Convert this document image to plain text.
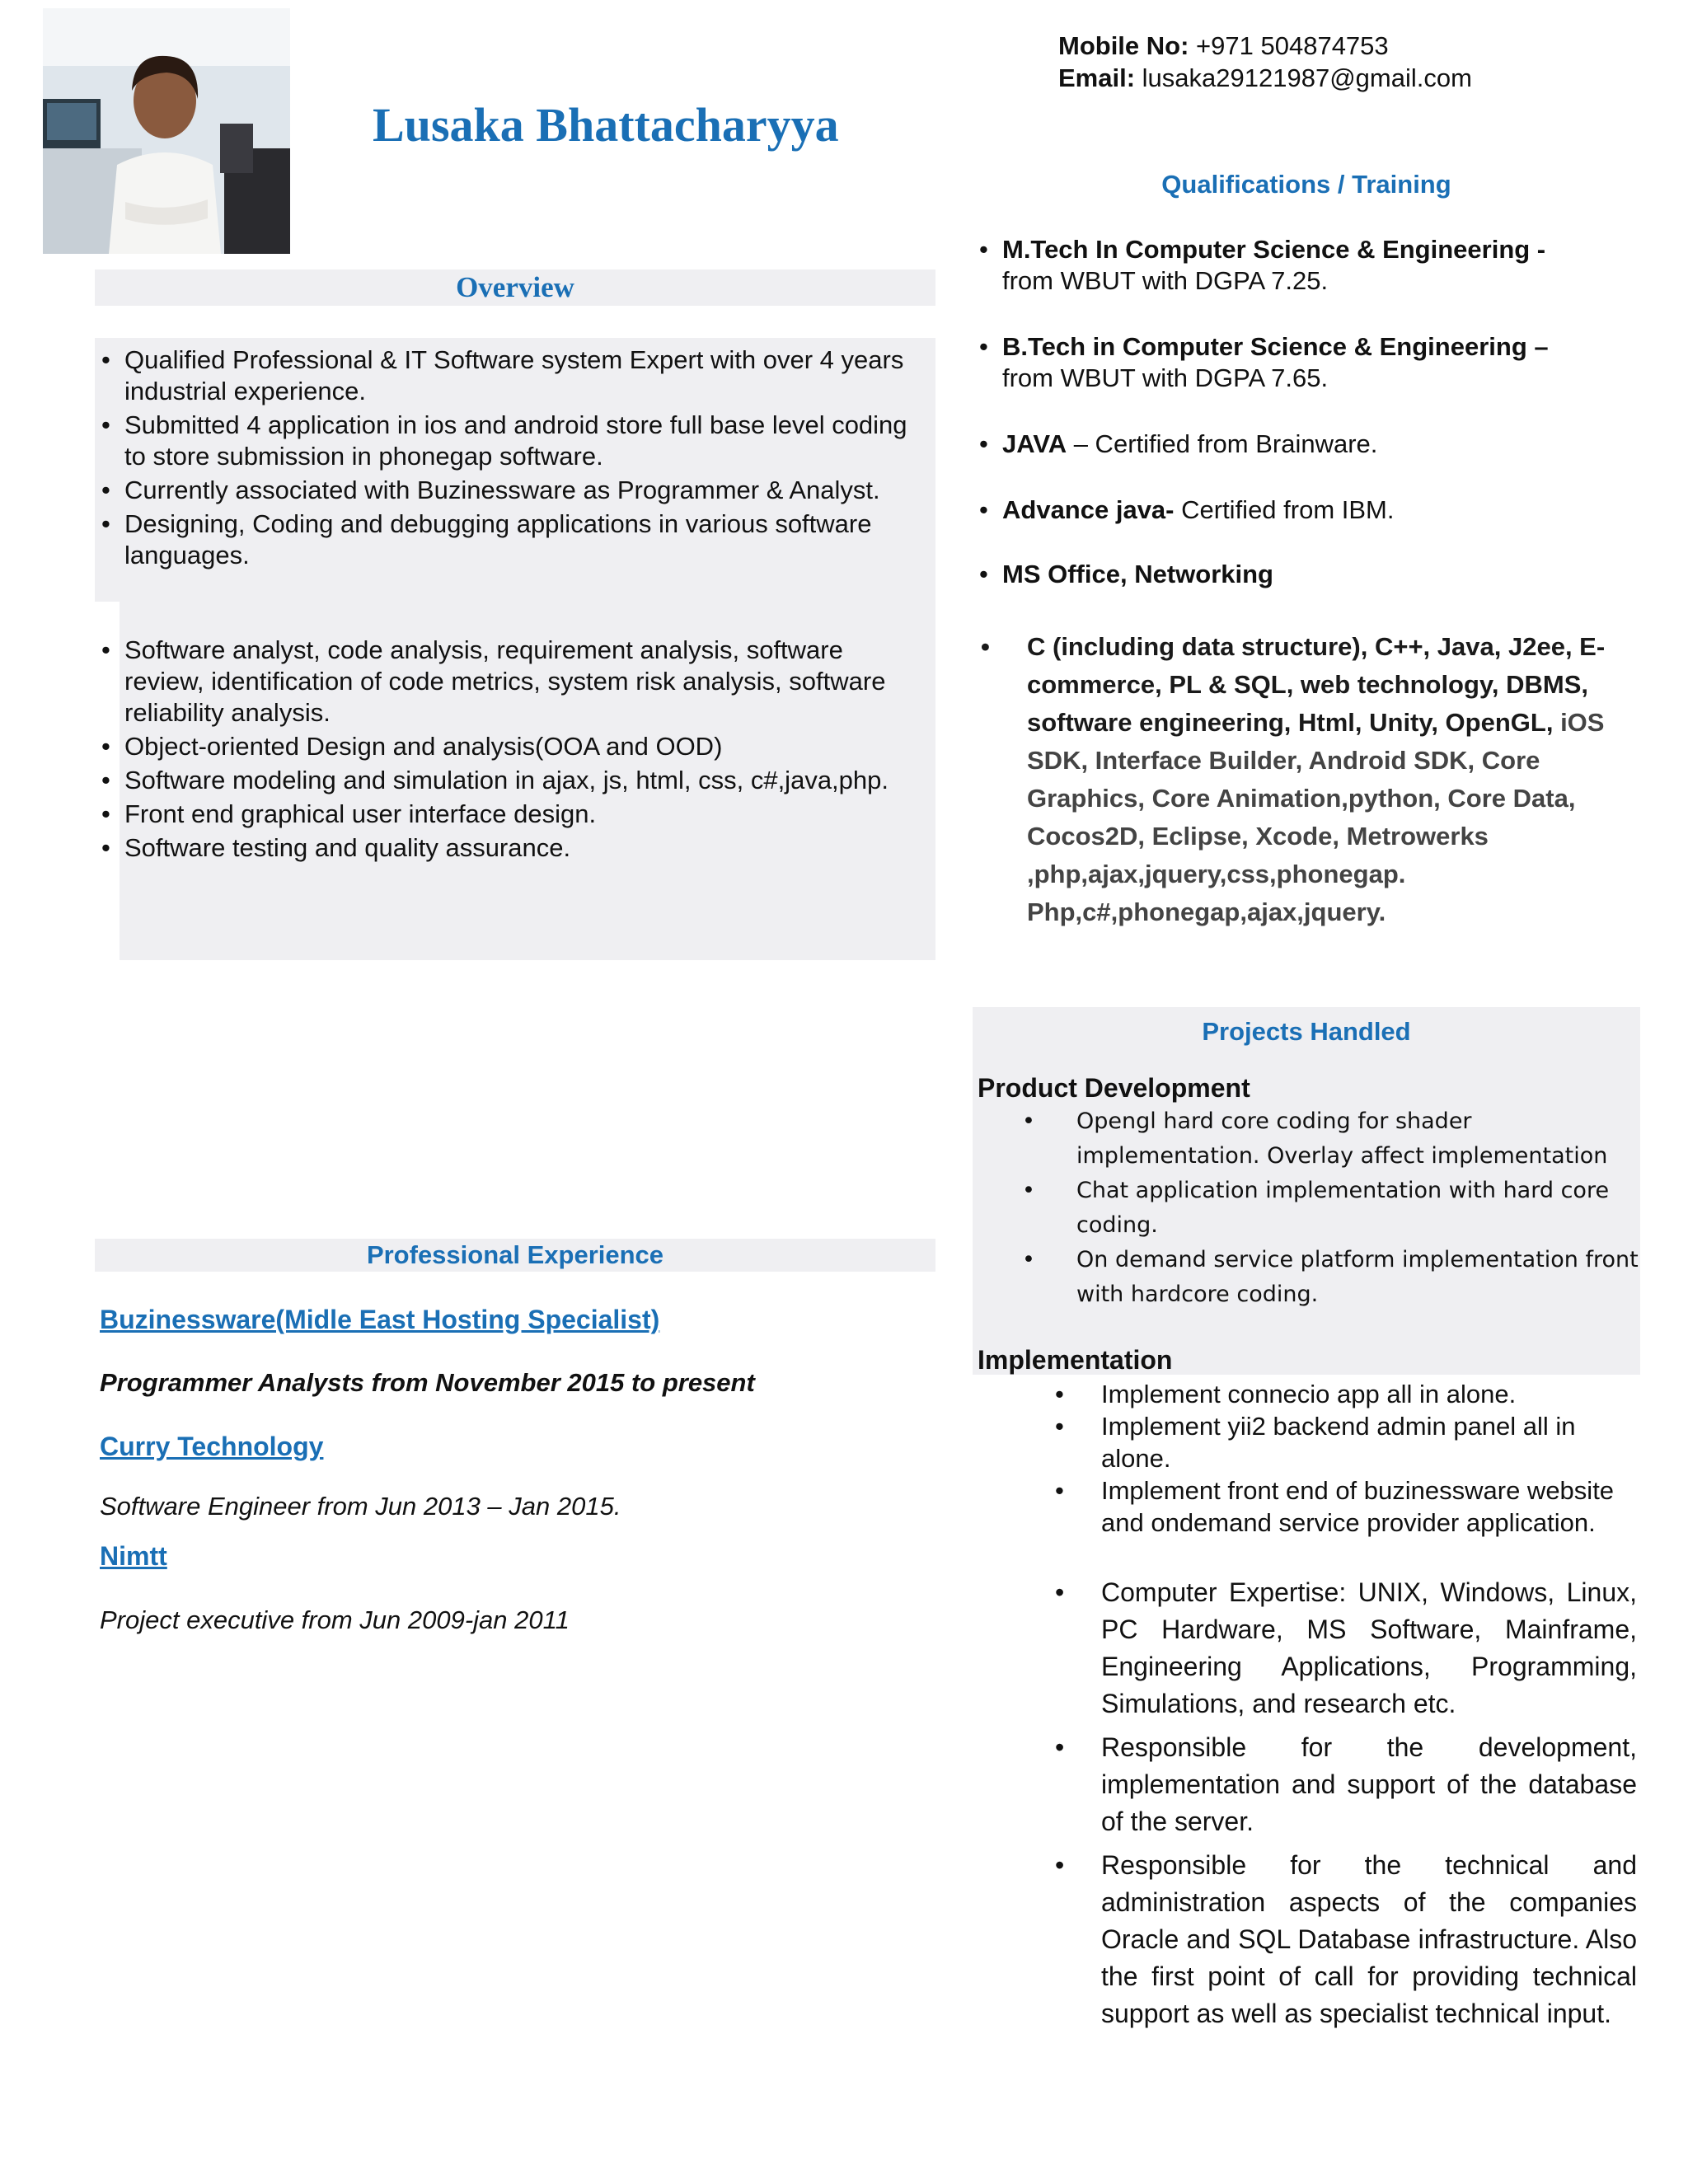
Lusaka Bhattacharyya
Mobile No: +971 504874753
Email: lusaka29121987@gmail.com
Overview
• Qualified Professional & IT Software system Expert with over 4 years industrial experience.
• Submitted 4 application in ios and android store full base level coding to store submission in phonegap software.
• Currently associated with Buzinessware as Programmer & Analyst.
• Designing, Coding and debugging applications in various software languages.
• Software analyst, code analysis, requirement analysis, software review, identification of code metrics, system risk analysis, software reliability analysis.
• Object-oriented Design and analysis(OOA and OOD)
• Software modeling and simulation in ajax, js, html, css, c#,java,php.
• Front end graphical user interface design.
• Software testing and quality assurance.
Professional Experience
Buzinessware(Midle East Hosting Specialist)
Programmer Analysts from November 2015 to present
Curry Technology
Software Engineer from Jun 2013 – Jan 2015.
Nimtt
Project executive from Jun 2009-jan 2011
Qualifications / Training
• M.Tech In Computer Science & Engineering -
from WBUT with DGPA 7.25.
• B.Tech in Computer Science & Engineering –
from WBUT with DGPA 7.65.
• JAVA – Certified from Brainware.
• Advance java- Certified from IBM.
• MS Office, Networking
• C (including data structure), C++, Java, J2ee, E-commerce, PL & SQL, web technology, DBMS, software engineering, Html, Unity, OpenGL, iOS SDK, Interface Builder, Android SDK, Core Graphics, Core Animation,python, Core Data, Cocos2D, Eclipse, Xcode, Metrowerks ,php,ajax,jquery,css,phonegap. Php,c#,phonegap,ajax,jquery.
Projects Handled
Product Development
• Opengl hard core coding for shader implementation. Overlay affect implementation
• Chat application implementation with hard core coding.
• On demand service platform implementation front with hardcore coding.
Implementation
• Implement connecio app all in alone.
• Implement yii2 backend admin panel all in alone.
• Implement front end of buzinessware website and ondemand service provider application.
• Computer Expertise: UNIX, Windows, Linux, PC Hardware, MS Software, Mainframe, Engineering Applications, Programming, Simulations, and research etc.
• Responsible for the development, implementation and support of the database of the server.
• Responsible for the technical and administration aspects of the companies Oracle and SQL Database infrastructure. Also the first point of call for providing technical support as well as specialist technical input.
